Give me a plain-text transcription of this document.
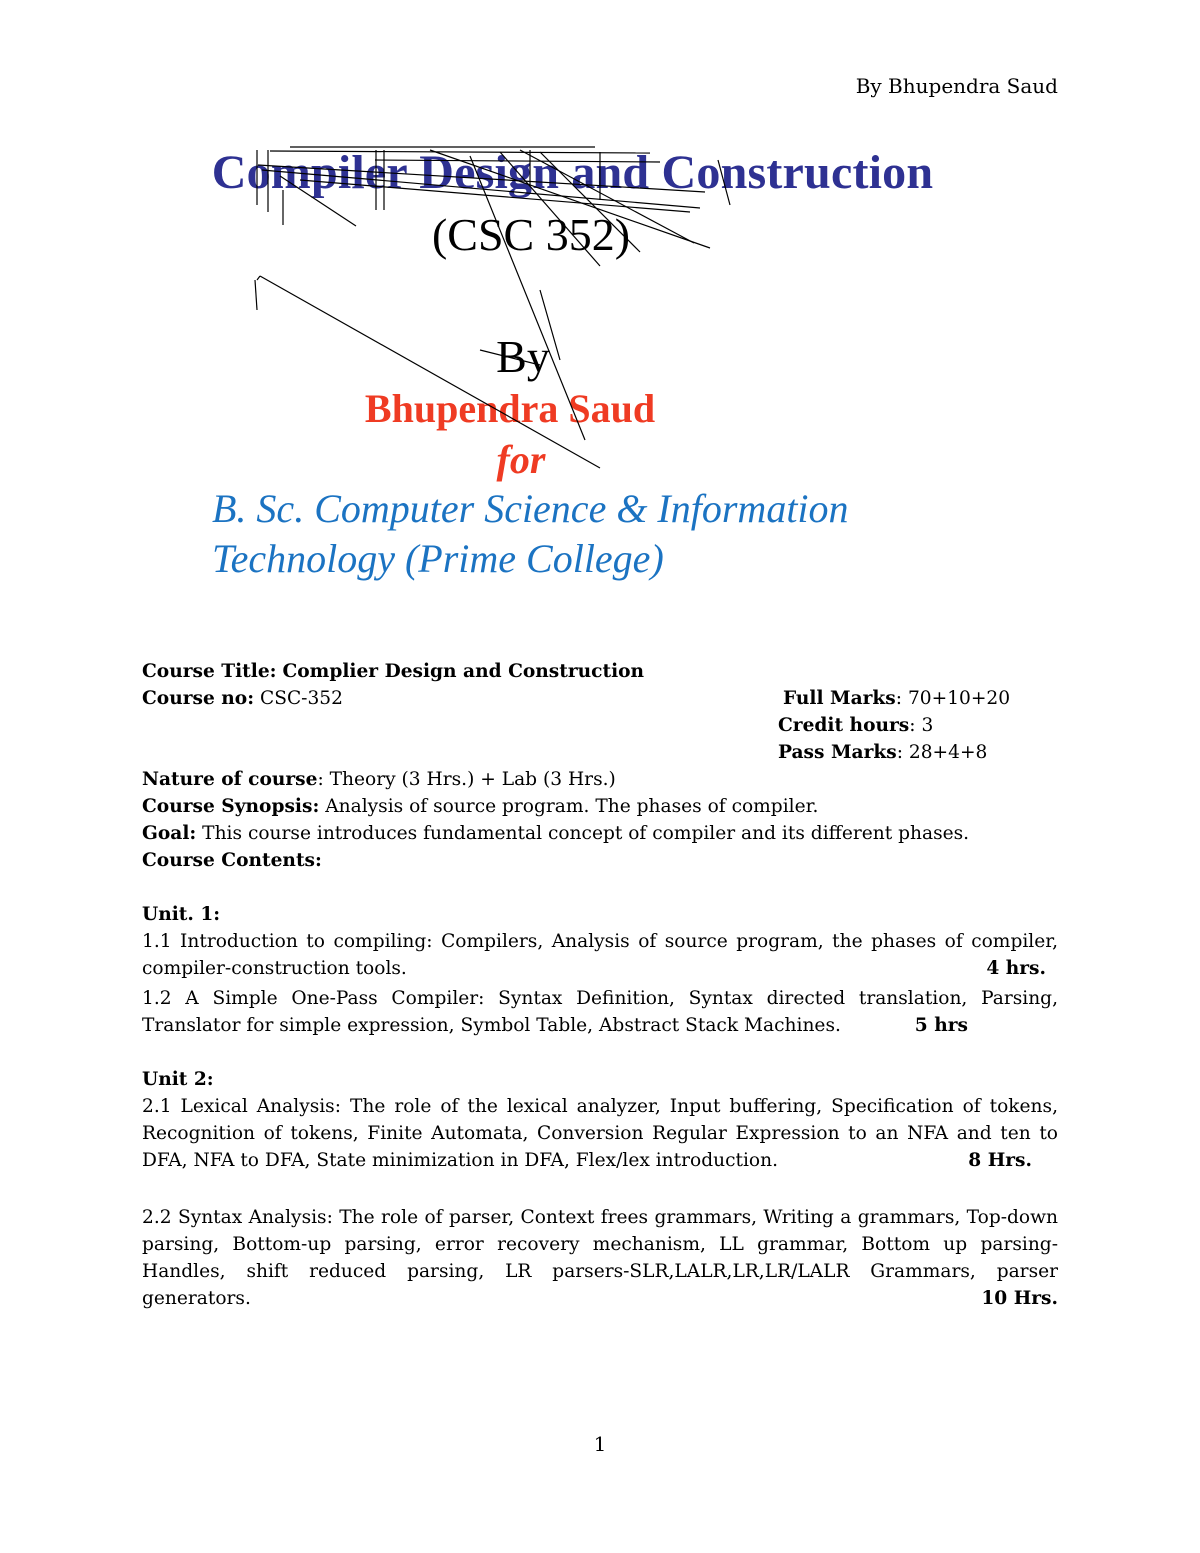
By Bhupendra Saud
Compiler Design and Construction
(CSC 352)
By
Bhupendra Saud
for
B. Sc. Computer Science & Information
Technology (Prime College)
Course Title: Complier Design and Construction
Course no: CSC-352	Full Marks: 70+10+20
Credit hours: 3
Pass Marks: 28+4+8
Nature of course: Theory (3 Hrs.) + Lab (3 Hrs.)
Course Synopsis: Analysis of source program. The phases of compiler.
Goal: This course introduces fundamental concept of compiler and its different phases.
Course Contents:
Unit. 1:
1.1 Introduction to compiling: Compilers, Analysis of source program, the phases of compiler, compiler-construction tools.	4 hrs.
1.2 A Simple One-Pass Compiler: Syntax Definition, Syntax directed translation, Parsing, Translator for simple expression, Symbol Table, Abstract Stack Machines.	5 hrs
Unit 2:
2.1 Lexical Analysis: The role of the lexical analyzer, Input buffering, Specification of tokens, Recognition of tokens, Finite Automata, Conversion Regular Expression to an NFA and ten to DFA, NFA to DFA, State minimization in DFA, Flex/lex introduction.	8 Hrs.
2.2 Syntax Analysis: The role of parser, Context frees grammars, Writing a grammars, Top-down parsing, Bottom-up parsing, error recovery mechanism, LL grammar, Bottom up parsing-Handles, shift reduced parsing, LR parsers-SLR,LALR,LR,LR/LALR Grammars, parser generators.	10 Hrs.
1
